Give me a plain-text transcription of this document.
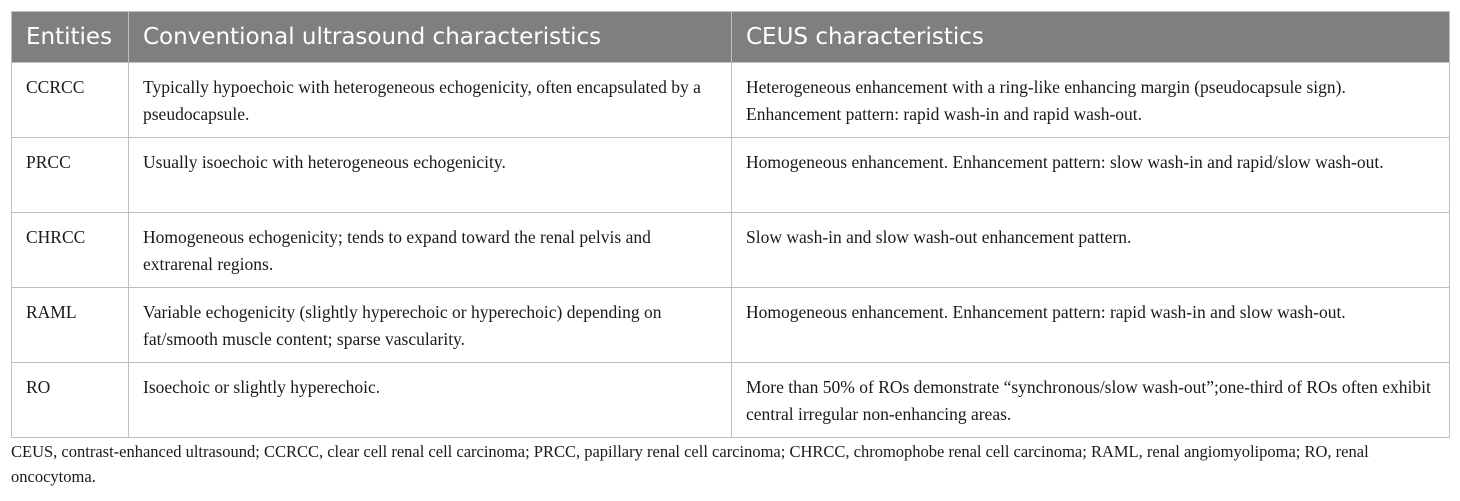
Entities	Conventional ultrasound characteristics	CEUS characteristics
CCRCC	Typically hypoechoic with heterogeneous echogenicity, often encapsulated by a pseudocapsule.	Heterogeneous enhancement with a ring-like enhancing margin (pseudocapsule sign). Enhancement pattern: rapid wash-in and rapid wash-out.
PRCC	Usually isoechoic with heterogeneous echogenicity.	Homogeneous enhancement. Enhancement pattern: slow wash-in and rapid/slow wash-out.
CHRCC	Homogeneous echogenicity; tends to expand toward the renal pelvis and extrarenal regions.	Slow wash-in and slow wash-out enhancement pattern.
RAML	Variable echogenicity (slightly hyperechoic or hyperechoic) depending on fat/smooth muscle content; sparse vascularity.	Homogeneous enhancement. Enhancement pattern: rapid wash-in and slow wash-out.
RO	Isoechoic or slightly hyperechoic.	More than 50% of ROs demonstrate “synchronous/slow wash-out”;one-third of ROs often exhibit central irregular non-enhancing areas.
CEUS, contrast-enhanced ultrasound; CCRCC, clear cell renal cell carcinoma; PRCC, papillary renal cell carcinoma; CHRCC, chromophobe renal cell carcinoma; RAML, renal angiomyolipoma; RO, renal oncocytoma.
